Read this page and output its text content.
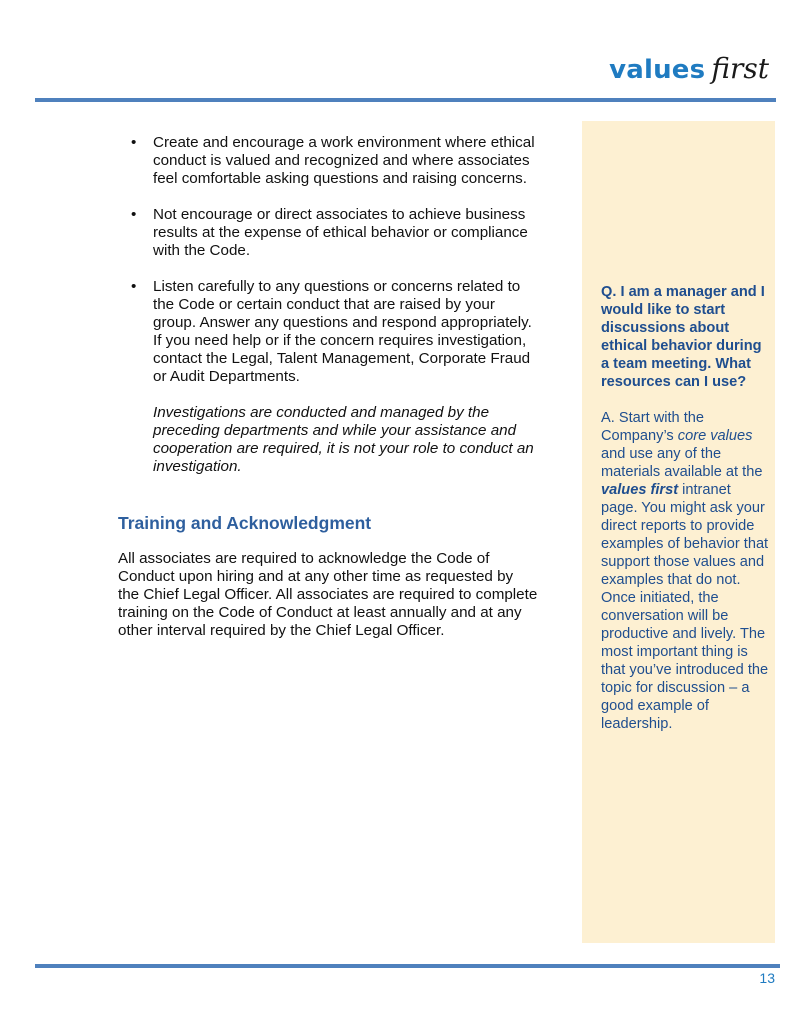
values first
• Create and encourage a work environment where ethical conduct is valued and recognized and where associates feel comfortable asking questions and raising concerns.
• Not encourage or direct associates to achieve business results at the expense of ethical behavior or compliance with the Code.
• Listen carefully to any questions or concerns related to the Code or certain conduct that are raised by your group. Answer any questions and respond appropriately. If you need help or if the concern requires investigation, contact the Legal, Talent Management, Corporate Fraud or Audit Departments.
Investigations are conducted and managed by the preceding departments and while your assistance and cooperation are required, it is not your role to conduct an investigation.
Training and Acknowledgment
All associates are required to acknowledge the Code of Conduct upon hiring and at any other time as requested by the Chief Legal Officer. All associates are required to complete training on the Code of Conduct at least annually and at any other interval required by the Chief Legal Officer.
Q. I am a manager and I would like to start discussions about ethical behavior during a team meeting. What resources can I use?
A. Start with the Company’s core values and use any of the materials available at the values first intranet page. You might ask your direct reports to provide examples of behavior that support those values and examples that do not. Once initiated, the conversation will be productive and lively. The most important thing is that you’ve introduced the topic for discussion – a good example of leadership.
13
